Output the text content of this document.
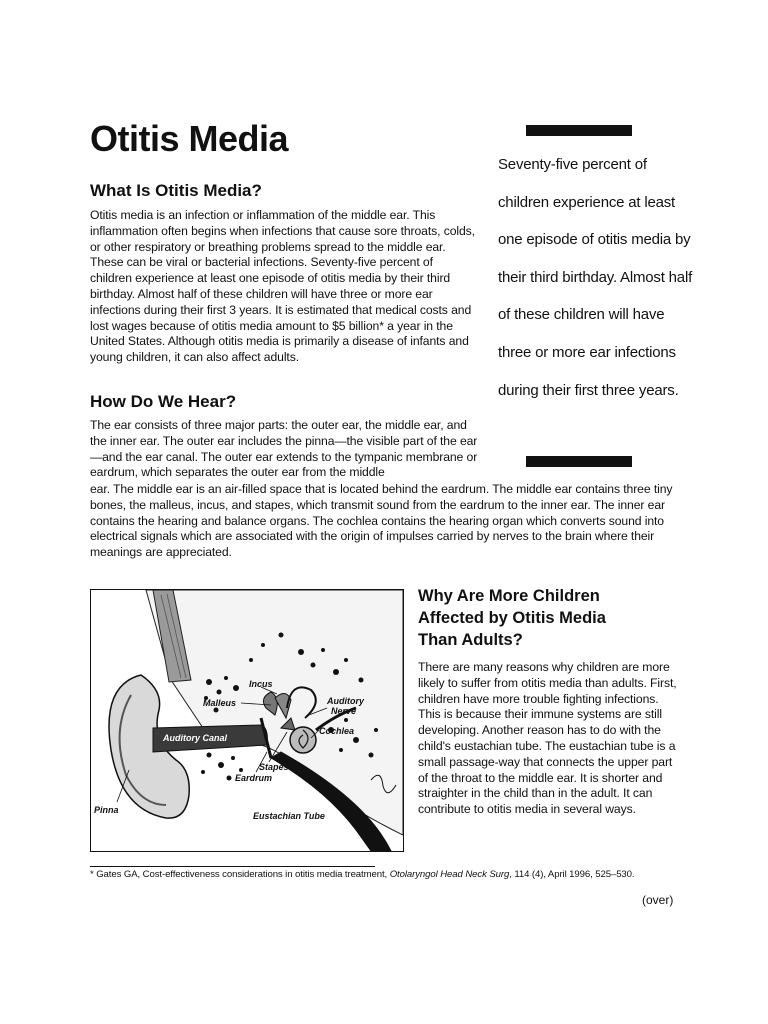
Otitis Media
What Is Otitis Media?

Otitis media is an infection or inflammation of the middle ear. This inflammation often begins when infections that cause sore throats, colds, or other respiratory or breathing problems spread to the middle ear. These can be viral or bacterial infections. Seventy-five percent of children experience at least one episode of otitis media by their third birthday. Almost half of these children will have three or more ear infections during their first 3 years. It is estimated that medical costs and lost wages because of otitis media amount to $5 billion* a year in the United States. Although otitis media is primarily a disease of infants and young children, it can also affect adults.

How Do We Hear?

The ear consists of three major parts: the outer ear, the middle ear, and the inner ear. The outer ear includes the pinna—the visible part of the ear—and the ear canal. The outer ear extends to the tympanic membrane or eardrum, which separates the outer ear from the middle

ear. The middle ear is an air-filled space that is located behind the eardrum. The middle ear contains three tiny bones, the malleus, incus, and stapes, which transmit sound from the eardrum to the inner ear. The inner ear contains the hearing and balance organs. The cochlea contains the hearing organ which converts sound into electrical signals which are associated with the origin of impulses carried by nerves to the brain where their meanings are appreciated.

Seventy-five percent of children experience at least one episode of otitis media by their third birthday. Almost half of these children will have three or more ear infections during their first three years.

Incus
Malleus	Auditory
Nerve
Auditory Canal
Cochlea
Stapes
Eardrum
Pinna
Eustachian Tube
Why Are More Children
Affected by Otitis Media
Than Adults?

There are many reasons why children are more likely to suffer from otitis media than adults. First, children have more trouble fighting infections. This is because their immune systems are still developing. Another reason has to do with the child's eustachian tube. The eustachian tube is a small passage-way that connects the upper part of the throat to the middle ear. It is shorter and straighter in the child than in the adult. It can contribute to otitis media in several ways.

* Gates GA, Cost-effectiveness considerations in otitis media treatment, Otolaryngol Head Neck Surg, 114 (4), April 1996, 525–530.

(over)
